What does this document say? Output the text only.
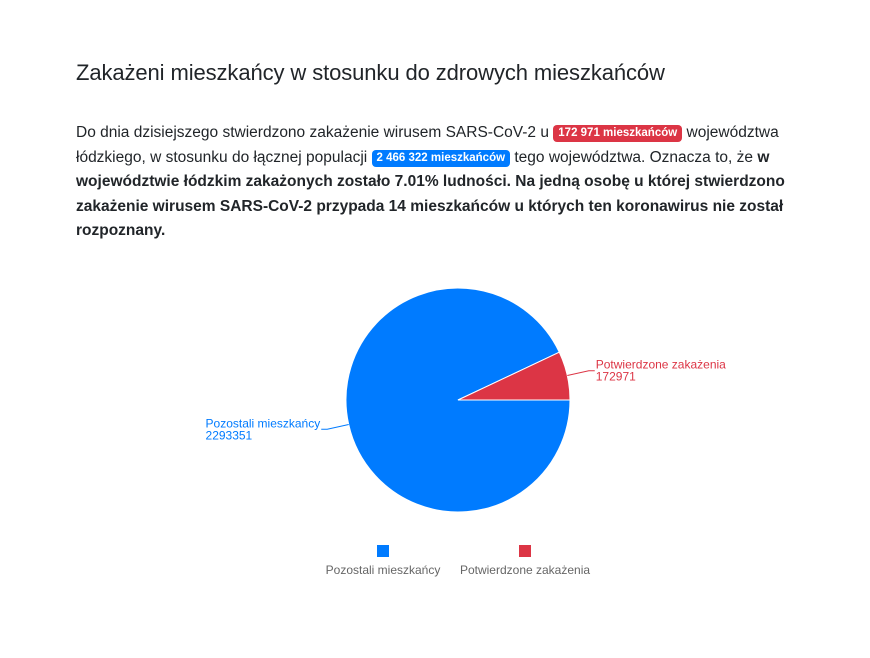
Zakażeni mieszkańcy w stosunku do zdrowych mieszkańców

Do dnia dzisiejszego stwierdzono zakażenie wirusem SARS-CoV-2 u 172 971 mieszkańców województwa łódzkiego, w stosunku do łącznej populacji 2 466 322 mieszkańców tego województwa. Oznacza to, że w województwie łódzkim zakażonych zostało 7.01% ludności. Na jedną osobę u której stwierdzono zakażenie wirusem SARS-CoV-2 przypada 14 mieszkańców u których ten koronawirus nie został rozpoznany.

Pozostali mieszkańcy
2293351
Potwierdzone zakażenia
172971
Pozostali mieszkańcy	Potwierdzone zakażenia
